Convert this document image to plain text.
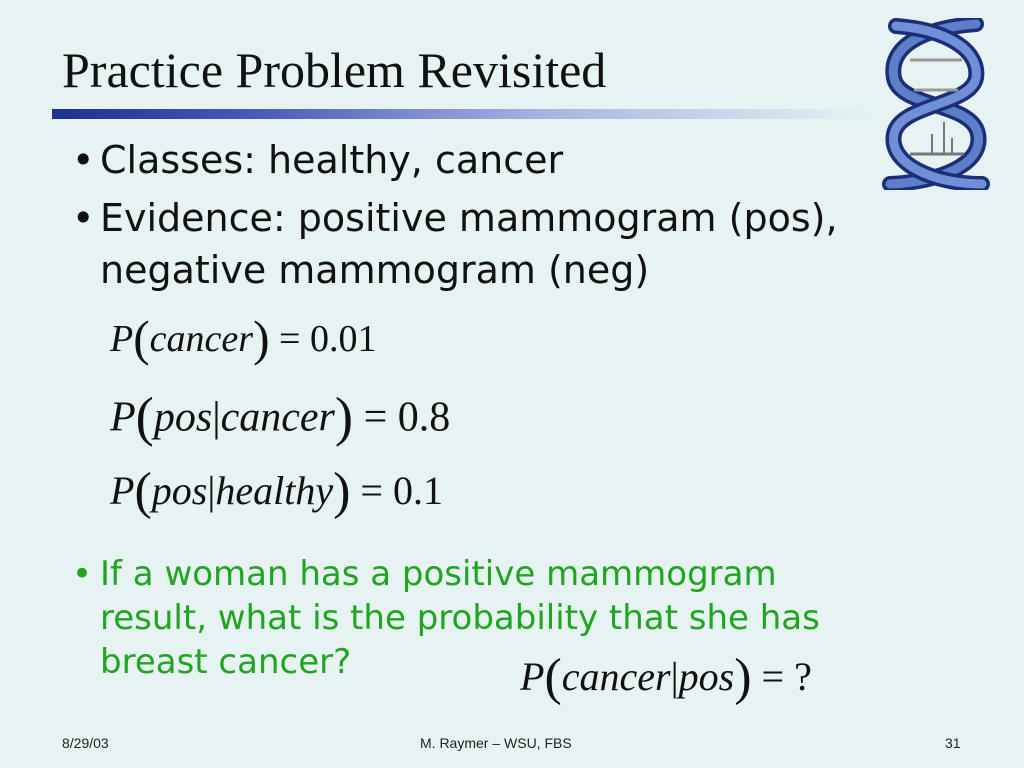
Practice Problem Revisited
• Classes: healthy, cancer
• Evidence: positive mammogram (pos),
negative mammogram (neg)
P(cancer) = 0.01
P(pos|cancer) = 0.8
P(pos|healthy) = 0.1
• If a woman has a positive mammogram
result, what is the probability that she has
breast cancer?	P(cancer|pos) = ?
8/29/03	M. Raymer – WSU, FBS	31
